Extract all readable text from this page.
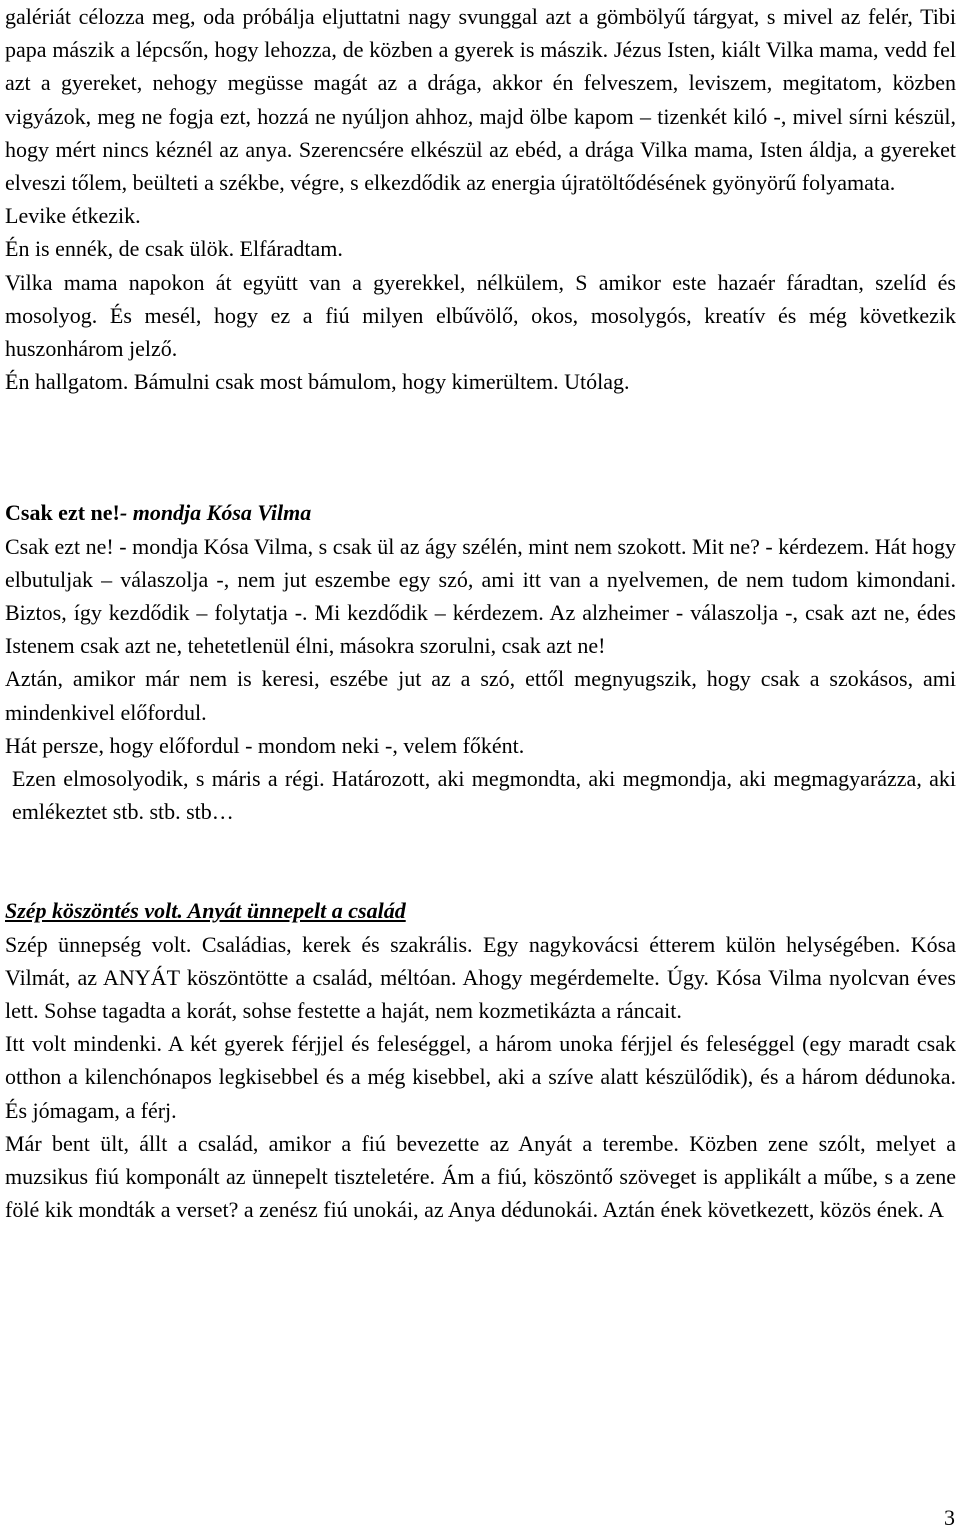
galériát célozza meg, oda próbálja eljuttatni nagy svunggal azt a gömbölyű tárgyat, s mivel az felér, Tibi papa mászik a lépcsőn, hogy lehozza, de közben a gyerek is mászik. Jézus Isten, kiált Vilka mama, vedd fel azt a gyereket, nehogy megüsse magát az a drága, akkor én felveszem, leviszem, megitatom, közben vigyázok, meg ne fogja ezt, hozzá ne nyúljon ahhoz, majd ölbe kapom – tizenkét kiló -, mivel sírni készül, hogy mért nincs kéznél az anya. Szerencsére elkészül az ebéd, a drága Vilka mama, Isten áldja, a gyereket elveszi tőlem, beülteti a székbe, végre, s elkezdődik az energia újratöltődésének gyönyörű folyamata.

Levike étkezik.

Én is ennék, de csak ülök. Elfáradtam.

Vilka mama napokon át együtt van a gyerekkel, nélkülem, S amikor este hazaér fáradtan, szelíd és mosolyog. És mesél, hogy ez a fiú milyen elbűvölő, okos, mosolygós, kreatív és még következik huszonhárom jelző.

Én hallgatom. Bámulni csak most bámulom, hogy kimerültem. Utólag.

Csak ezt ne!- mondja Kósa Vilma

Csak ezt ne! - mondja Kósa Vilma, s csak ül az ágy szélén, mint nem szokott. Mit ne? - kérdezem. Hát hogy elbutuljak – válaszolja -, nem jut eszembe egy szó, ami itt van a nyelvemen, de nem tudom kimondani. Biztos, így kezdődik – folytatja -. Mi kezdődik – kérdezem. Az alzheimer - válaszolja -, csak azt ne, édes Istenem csak azt ne, tehetetlenül élni, másokra szorulni, csak azt ne!

Aztán, amikor már nem is keresi, eszébe jut az a szó, ettől megnyugszik, hogy csak a szokásos, ami mindenkivel előfordul.

Hát persze, hogy előfordul - mondom neki -, velem főként.

Ezen elmosolyodik, s máris a régi. Határozott, aki megmondta, aki megmondja, aki megmagyarázza, aki emlékeztet stb. stb. stb…

Szép köszöntés volt. Anyát ünnepelt a család

Szép ünnepség volt. Családias, kerek és szakrális. Egy nagykovácsi étterem külön helységében. Kósa Vilmát, az ANYÁT köszöntötte a család, méltóan. Ahogy megérdemelte. Úgy. Kósa Vilma nyolcvan éves lett. Sohse tagadta a korát, sohse festette a haját, nem kozmetikázta a ráncait.

Itt volt mindenki. A két gyerek férjjel és feleséggel, a három unoka férjjel és feleséggel (egy maradt csak otthon a kilenchónapos legkisebbel és a még kisebbel, aki a szíve alatt készülődik), és a három dédunoka. És jómagam, a férj.

Már bent ült, állt a család, amikor a fiú bevezette az Anyát a terembe. Közben zene szólt, melyet a muzsikus fiú komponált az ünnepelt tiszteletére. Ám a fiú, köszöntő szöveget is applikált a műbe, s a zene fölé kik mondták a verset? a zenész fiú unokái, az Anya dédunokái. Aztán ének következett, közös ének. A

3
